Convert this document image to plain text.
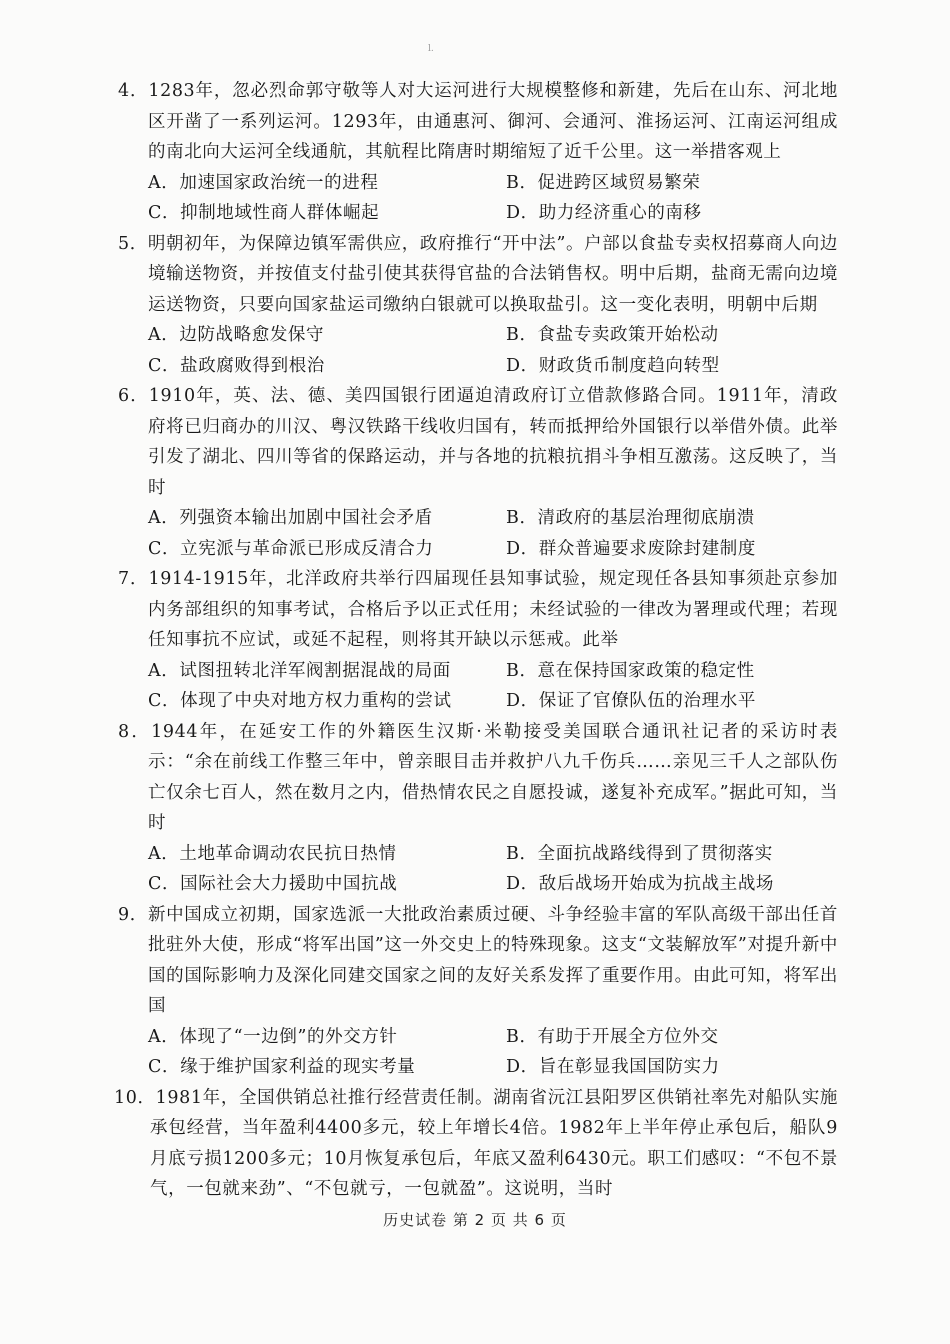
l.

4．1283年，忽必烈命郭守敬等人对大运河进行大规模整修和新建，先后在山东、河北地区开凿了一系列运河。1293年，由通惠河、御河、会通河、淮扬运河、江南运河组成的南北向大运河全线通航，其航程比隋唐时期缩短了近千公里。这一举措客观上

A．加速国家政治统一的进程	B．促进跨区域贸易繁荣
C．抑制地域性商人群体崛起	D．助力经济重心的南移

5．明朝初年，为保障边镇军需供应，政府推行“开中法”。户部以食盐专卖权招募商人向边境输送物资，并按值支付盐引使其获得官盐的合法销售权。明中后期，盐商无需向边境运送物资，只要向国家盐运司缴纳白银就可以换取盐引。这一变化表明，明朝中后期

A．边防战略愈发保守	B．食盐专卖政策开始松动
C．盐政腐败得到根治	D．财政货币制度趋向转型

6．1910年，英、法、德、美四国银行团逼迫清政府订立借款修路合同。1911年，清政府将已归商办的川汉、粤汉铁路干线收归国有，转而抵押给外国银行以举借外债。此举引发了湖北、四川等省的保路运动，并与各地的抗粮抗捐斗争相互激荡。这反映了，当时

A．列强资本输出加剧中国社会矛盾	B．清政府的基层治理彻底崩溃
C．立宪派与革命派已形成反清合力	D．群众普遍要求废除封建制度

7．1914-1915年，北洋政府共举行四届现任县知事试验，规定现任各县知事须赴京参加内务部组织的知事考试，合格后予以正式任用；未经试验的一律改为署理或代理；若现任知事抗不应试，或延不起程，则将其开缺以示惩戒。此举

A．试图扭转北洋军阀割据混战的局面	B．意在保持国家政策的稳定性
C．体现了中央对地方权力重构的尝试	D．保证了官僚队伍的治理水平

8．1944年，在延安工作的外籍医生汉斯·米勒接受美国联合通讯社记者的采访时表示：“余在前线工作整三年中，曾亲眼目击并救护八九千伤兵……亲见三千人之部队伤亡仅余七百人，然在数月之内，借热情农民之自愿投诚，遂复补充成军。”据此可知，当时

A．土地革命调动农民抗日热情	B．全面抗战路线得到了贯彻落实
C．国际社会大力援助中国抗战	D．敌后战场开始成为抗战主战场

9．新中国成立初期，国家选派一大批政治素质过硬、斗争经验丰富的军队高级干部出任首批驻外大使，形成“将军出国”这一外交史上的特殊现象。这支“文装解放军”对提升新中国的国际影响力及深化同建交国家之间的友好关系发挥了重要作用。由此可知，将军出国

A．体现了“一边倒”的外交方针	B．有助于开展全方位外交
C．缘于维护国家利益的现实考量	D．旨在彰显我国国防实力

10．1981年，全国供销总社推行经营责任制。湖南省沅江县阳罗区供销社率先对船队实施承包经营，当年盈利4400多元，较上年增长4倍。1982年上半年停止承包后，船队9月底亏损1200多元；10月恢复承包后，年底又盈利6430元。职工们感叹：“不包不景气，一包就来劲”、“不包就亏，一包就盈”。这说明，当时

历史试卷 第 2 页 共 6 页
